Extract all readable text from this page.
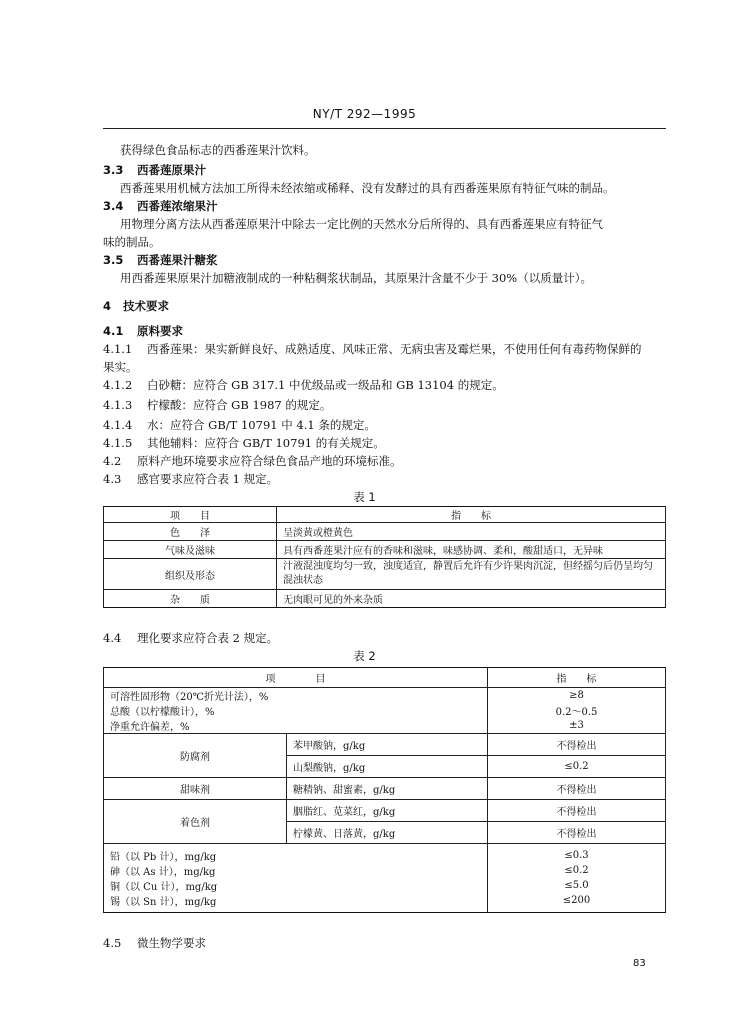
NY/T 292—1995
获得绿色食品标志的西番莲果汁饮料。
3.3 西番莲原果汁
西番莲果用机械方法加工所得未经浓缩或稀释、没有发酵过的具有西番莲果原有特征气味的制品。
3.4 西番莲浓缩果汁
用物理分离方法从西番莲原果汁中除去一定比例的天然水分后所得的、具有西番莲果应有特征气
味的制品。
3.5 西番莲果汁糖浆
用西番莲果原果汁加糖液制成的一种粘稠浆状制品，其原果汁含量不少于 30%（以质量计）。
4 技术要求
4.1 原料要求
4.1.1 西番莲果：果实新鲜良好、成熟适度、风味正常、无病虫害及霉烂果，不使用任何有毒药物保鲜的
果实。
4.1.2 白砂糖：应符合 GB 317.1 中优级品或一级品和 GB 13104 的规定。
4.1.3 柠檬酸：应符合 GB 1987 的规定。
4.1.4 水：应符合 GB/T 10791 中 4.1 条的规定。
4.1.5 其他辅料：应符合 GB/T 10791 的有关规定。
4.2 原料产地环境要求应符合绿色食品产地的环境标准。
4.3 感官要求应符合表 1 规定。
表 1
项　　目	指　　标
色　　泽	呈淡黄或橙黄色
气味及滋味	具有西番莲果汁应有的香味和滋味，味感协调、柔和，酸甜适口，无异味
组织及形态	汁液混浊度均匀一致，浊度适宜，静置后允许有少许果肉沉淀，但经摇匀后仍呈均匀混浊状态
杂　　质	无肉眼可见的外来杂质
4.4 理化要求应符合表 2 规定。
表 2
项　　　　目		指　　标
可溶性固形物（20℃折光计法），%		≥8
总酸（以柠檬酸计），%		0.2～0.5
净重允许偏差，%		±3
防腐剂	苯甲酸钠，g/kg	不得检出
	山梨酸钠，g/kg	≤0.2
甜味剂	糖精钠、甜蜜素，g/kg	不得检出
着色剂	胭脂红、苋菜红，g/kg	不得检出
	柠檬黄、日落黄，g/kg	不得检出
铅（以 Pb 计），mg/kg		≤0.3
砷（以 As 计），mg/kg		≤0.2
铜（以 Cu 计），mg/kg		≤5.0
锡（以 Sn 计），mg/kg		≤200
4.5 微生物学要求
83
